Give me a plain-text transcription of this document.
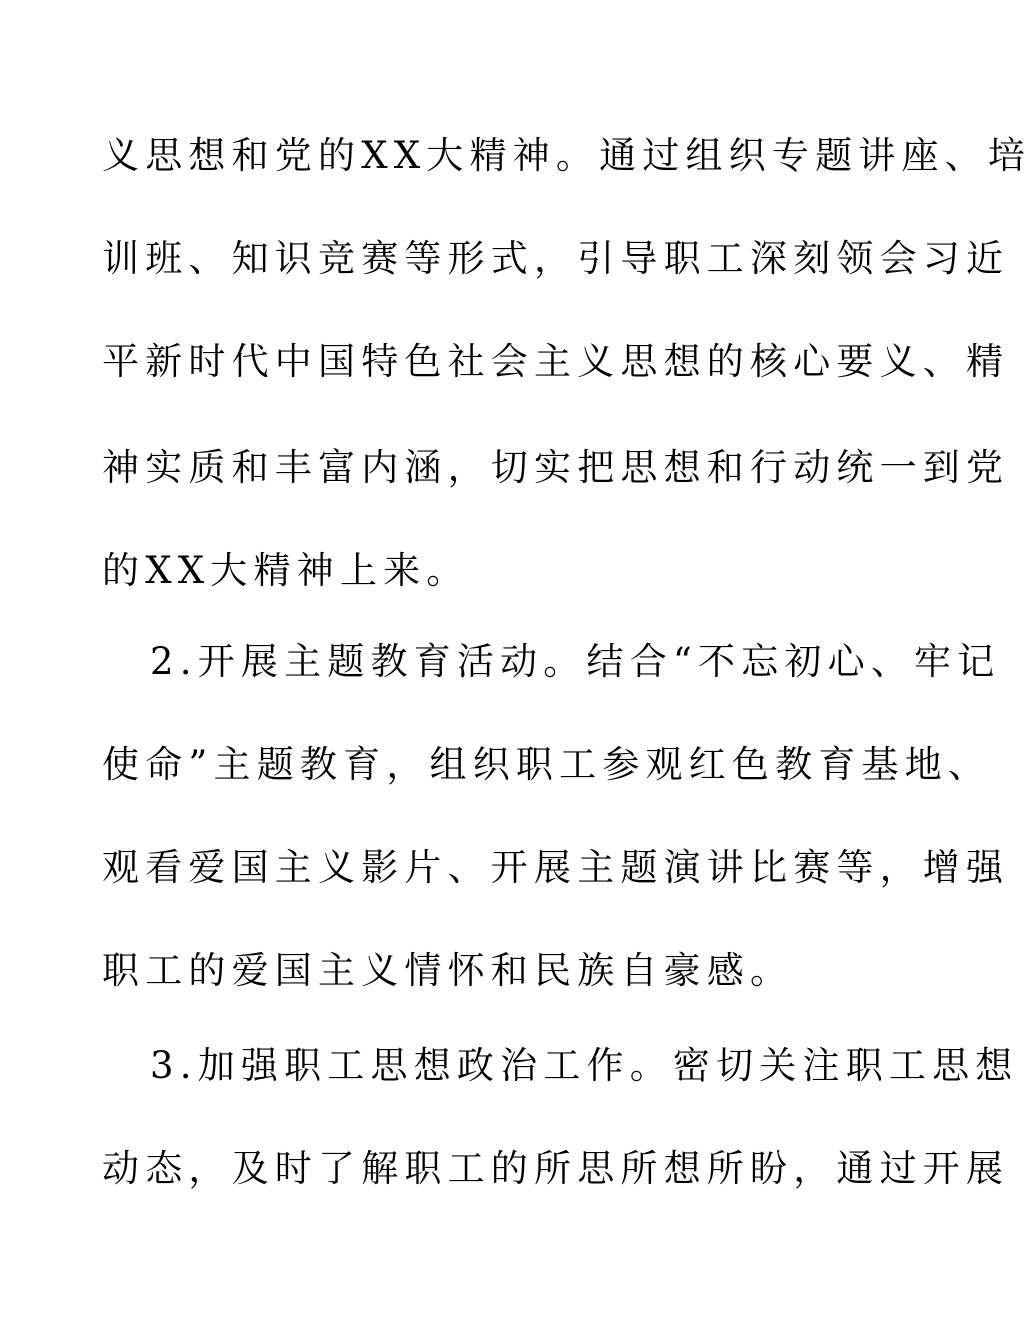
义思想和党的XX大精神。通过组织专题讲座、培
训班、知识竞赛等形式，引导职工深刻领会习近
平新时代中国特色社会主义思想的核心要义、精
神实质和丰富内涵，切实把思想和行动统一到党
的XX大精神上来。
2.开展主题教育活动。结合“不忘初心、牢记
使命”主题教育，组织职工参观红色教育基地、
观看爱国主义影片、开展主题演讲比赛等，增强
职工的爱国主义情怀和民族自豪感。
3.加强职工思想政治工作。密切关注职工思想
动态，及时了解职工的所思所想所盼，通过开展
